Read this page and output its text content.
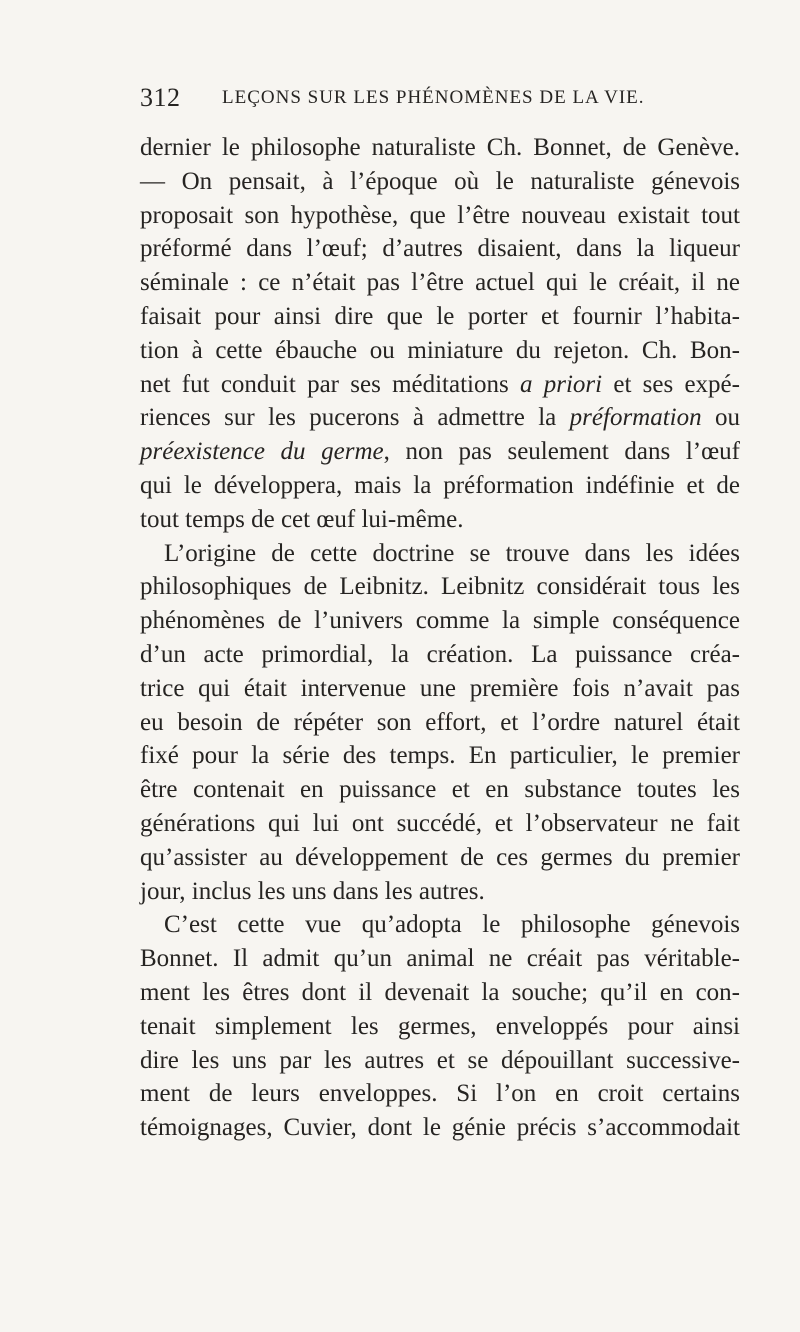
312 LEÇONS SUR LES PHÉNOMÈNES DE LA VIE.
dernier le philosophe naturaliste Ch. Bonnet, de Genève.
— On pensait, à l’époque où le naturaliste génevois
proposait son hypothèse, que l’être nouveau existait tout
préformé dans l’œuf; d’autres disaient, dans la liqueur
séminale : ce n’était pas l’être actuel qui le créait, il ne
faisait pour ainsi dire que le porter et fournir l’habita-
tion à cette ébauche ou miniature du rejeton. Ch. Bon-
net fut conduit par ses méditations a priori et ses expé-
riences sur les pucerons à admettre la préformation ou
préexistence du germe, non pas seulement dans l’œuf
qui le développera, mais la préformation indéfinie et de
tout temps de cet œuf lui-même.
L’origine de cette doctrine se trouve dans les idées
philosophiques de Leibnitz. Leibnitz considérait tous les
phénomènes de l’univers comme la simple conséquence
d’un acte primordial, la création. La puissance créa-
trice qui était intervenue une première fois n’avait pas
eu besoin de répéter son effort, et l’ordre naturel était
fixé pour la série des temps. En particulier, le premier
être contenait en puissance et en substance toutes les
générations qui lui ont succédé, et l’observateur ne fait
qu’assister au développement de ces germes du premier
jour, inclus les uns dans les autres.
C’est cette vue qu’adopta le philosophe génevois
Bonnet. Il admit qu’un animal ne créait pas véritable-
ment les êtres dont il devenait la souche; qu’il en con-
tenait simplement les germes, enveloppés pour ainsi
dire les uns par les autres et se dépouillant successive-
ment de leurs enveloppes. Si l’on en croit certains
témoignages, Cuvier, dont le génie précis s’accommodait
